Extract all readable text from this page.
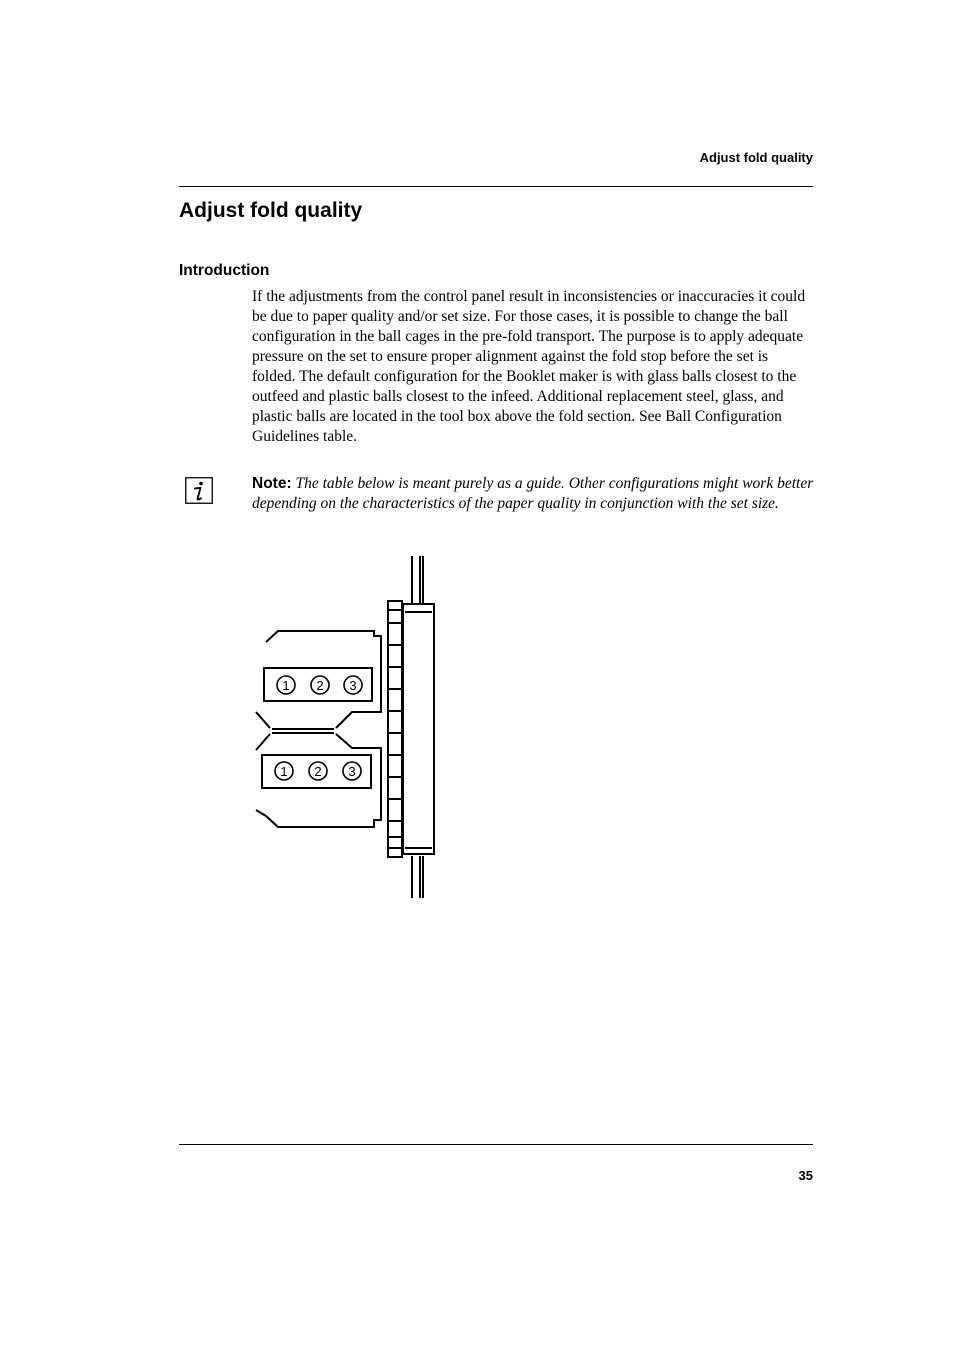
Adjust fold quality
Adjust fold quality
Introduction

If the adjustments from the control panel result in inconsistencies or inaccuracies it could be due to paper quality and/or set size. For those cases, it is possible to change the ball configuration in the ball cages in the pre-fold transport. The purpose is to apply adequate pressure on the set to ensure proper alignment against the fold stop before the set is folded. The default configuration for the Booklet maker is with glass balls closest to the outfeed and plastic balls closest to the infeed. Additional replacement steel, glass, and plastic balls are located in the tool box above the fold section. See Ball Configuration Guidelines table.

Note: The table below is meant purely as a guide. Other configurations might work better depending on the characteristics of the paper quality in conjunction with the set size.

1 2 3
1 2 3
35
